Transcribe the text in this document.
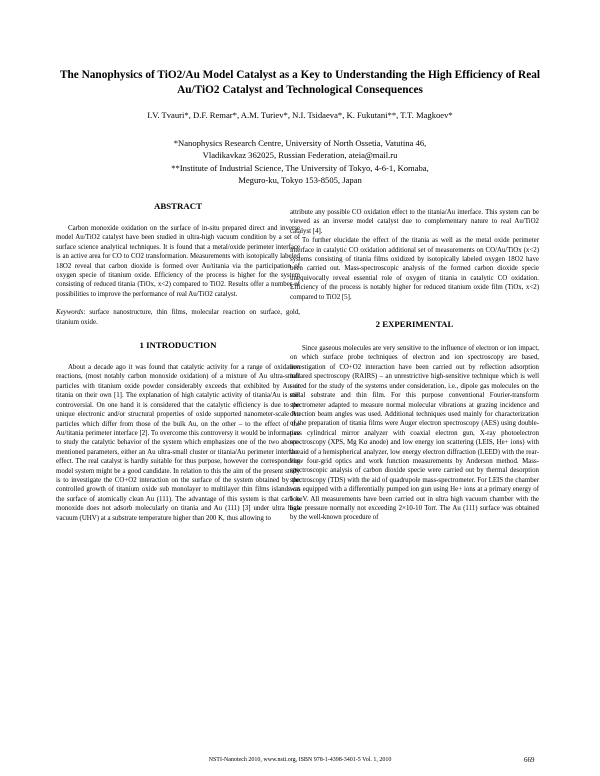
The Nanophysics of TiO2/Au Model Catalyst as a Key to Understanding the High Efficiency of Real Au/TiO2 Catalyst and Technological Consequences
I.V. Tvauri*, D.F. Remar*, A.M. Turiev*, N.I. Tsidaeva*, K. Fukutani**, T.T. Magkoev*
*Nanophysics Research Centre, University of North Ossetia, Vatutina 46,
Vladikavkaz 362025, Russian Federation, ateia@mail.ru
**Institute of Industrial Science, The University of Tokyo, 4-6-1, Komaba,
Meguro-ku, Tokyo 153-8505, Japan
ABSTRACT

Carbon monoxide oxidation on the surface of in-situ prepared direct and inverse model Au/TiO2 catalyst have been studied in ultra-high vacuum condition by a set of surface science analytical techniques. It is found that a metal/oxide perimeter interface is an active area for CO to CO2 transformation. Measurements with isotopically labeled 18O2 reveal that carbon dioxide is formed over Au/titania via the participation of oxygen specie of titanium oxide. Efficiency of the process is higher for the system consisting of reduced titania (TiOx, x<2) compared to TiO2. Results offer a number of possibilities to improve the performance of real Au/TiO2 catalyst.

Keywords: surface nanostructure, thin films, molecular reaction on surface, gold, titanium oxide.

1 INTRODUCTION

About a decade ago it was found that catalytic activity for a range of oxidation reactions, (most notably carbon monoxide oxidation) of a mixture of Au ultra-small particles with titanium oxide powder considerably exceeds that exhibited by Au or titania on their own [1]. The explanation of high catalytic activity of titania/Au is still controversial. On one hand it is considered that the catalytic efficiency is due to the unique electronic and/or structural properties of oxide supported nanometer-scale Au particles which differ from those of the bulk Au, on the other – to the effect of the Au/titania perimeter interface [2]. To overcome this controversy it would be informative to study the catalytic behavior of the system which emphasizes one of the two above-mentioned parameters, either an Au ultra-small cluster or titania/Au perimeter interface effect. The real catalyst is hardly suitable for thus purpose, however the corresponding model system might be a good candidate. In relation to this the aim of the present study is to investigate the CO+O2 interaction on the surface of the system obtained by the controlled growth of titanium oxide sub monolayer to multilayer thin films islands on the surface of atomically clean Au (111). The advantage of this system is that carbon monoxide does not adsorb molecularly on titania and Au (111) [3] under ultra high vacuum (UHV) at a substrate temperature higher than 200 K, thus allowing to

attribute any possible CO oxidation effect to the titania/Au interface. This system can be viewed as an inverse model catalyst due to complementary nature to real Au/TiO2 catalyst [4].

To further elucidate the effect of the titania as well as the metal oxide perimeter interface in catalytic CO oxidation additional set of measurements on CO/Au/TiOx (x<2) systems consisting of titania films oxidized by isotopically labeled oxygen 18O2 have been carried out. Mass-spectroscopic analysis of the formed carbon dioxide specie unequivocally reveal essential role of oxygen of titania in catalytic CO oxidation. Efficiency of the process is notably higher for reduced titanium oxide film (TiOx, x<2) compared to TiO2 [5].

2 EXPERIMENTAL

Since gaseous molecules are very sensitive to the influence of electron or ion impact, on which surface probe techniques of electron and ion spectroscopy are based, investigation of CO+O2 interaction have been carried out by reflection adsorption infrared spectroscopy (RAIRS) – an unrestrictive high-sensitive technique which is well suited for the study of the systems under consideration, i.e., dipole gas molecules on the metal substrate and thin film. For this purpose conventional Fourier-transform spectrometer adapted to measure normal molecular vibrations at grazing incidence and detection beam angles was used. Additional techniques used mainly for characterization of the preparation of titania films were Auger electron spectroscopy (AES) using double-pass cylindrical mirror analyzer with coaxial electron gun, X-ray photoelectron spectroscopy (XPS, Mg Kα anode) and low energy ion scattering (LEIS, He+ ions) with the aid of a hemispherical analyzer, low energy electron diffraction (LEED) with the rear-view four-grid optics and work function measurements by Anderson method. Mass-spectroscopic analysis of carbon dioxide specie were carried out by thermal desorption spectroscopy (TDS) with the aid of quadrupole mass-spectrometer. For LEIS the chamber was equipped with a differentially pumped ion gun using He+ ions at a primary energy of 1 keV. All measurements have been carried out in ultra high vacuum chamber with the base pressure normally not exceeding 2×10-10 Torr. The Au (111) surface was obtained by the well-known procedure of

NSTI-Nanotech 2010, www.nsti.org, ISBN 978-1-4398-3401-5 Vol. 1, 2010	669
